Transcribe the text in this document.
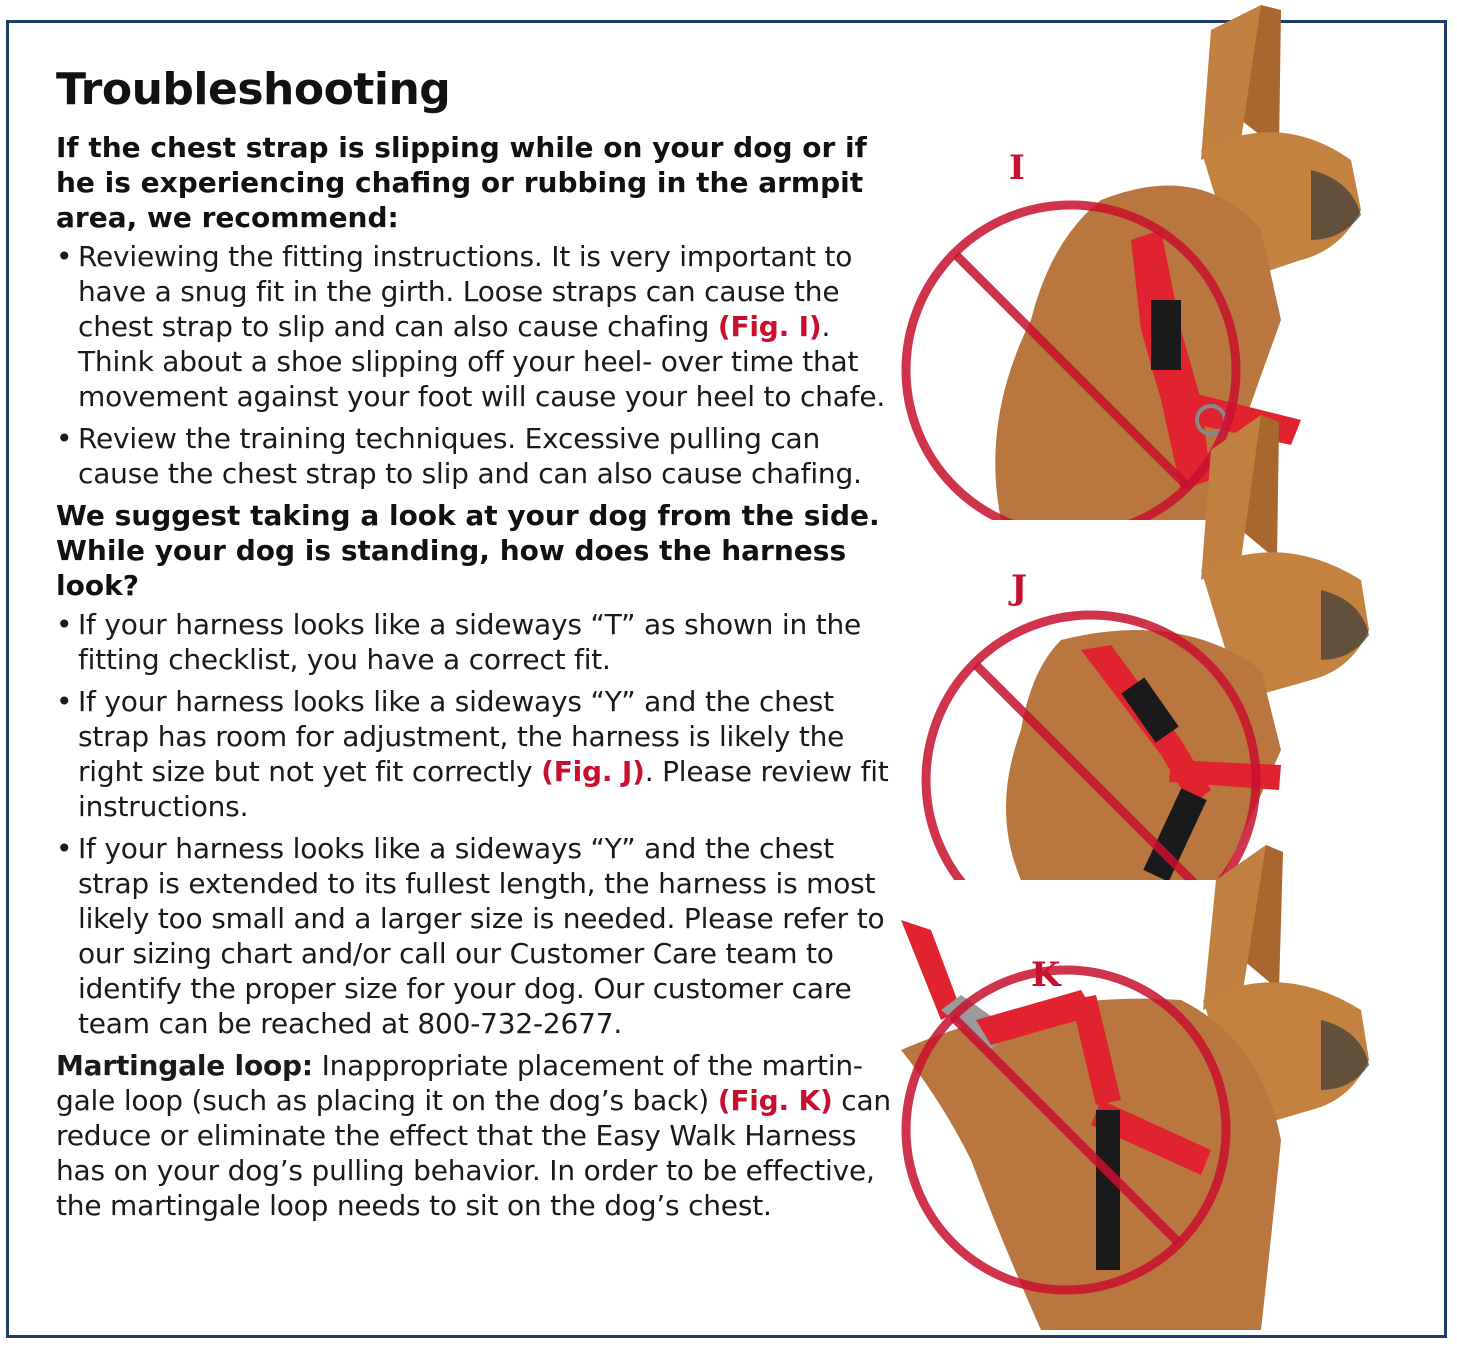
Troubleshooting

If the chest strap is slipping while on your dog or if he is experiencing chafing or rubbing in the armpit area, we recommend:

• Reviewing the fitting instructions. It is very important to have a snug fit in the girth. Loose straps can cause the chest strap to slip and can also cause chafing (Fig. I). Think about a shoe slipping off your heel- over time that movement against your foot will cause your heel to chafe.
• Review the training techniques. Excessive pulling can cause the chest strap to slip and can also cause chafing.

We suggest taking a look at your dog from the side. While your dog is standing, how does the harness look?

• If your harness looks like a sideways “T” as shown in the fitting checklist, you have a correct fit.
• If your harness looks like a sideways “Y” and the chest strap has room for adjustment, the harness is likely the right size but not yet fit correctly (Fig. J). Please review fit instructions.
• If your harness looks like a sideways “Y” and the chest strap is extended to its fullest length, the harness is most likely too small and a larger size is needed. Please refer to our sizing chart and/or call our Customer Care team to identify the proper size for your dog. Our customer care team can be reached at 800-732-2677.

Martingale loop: Inappropriate placement of the martin-gale loop (such as placing it on the dog’s back) (Fig. K) can reduce or eliminate the effect that the Easy Walk Harness has on your dog’s pulling behavior. In order to be effective, the martingale loop needs to sit on the dog’s chest.

I
J
K
